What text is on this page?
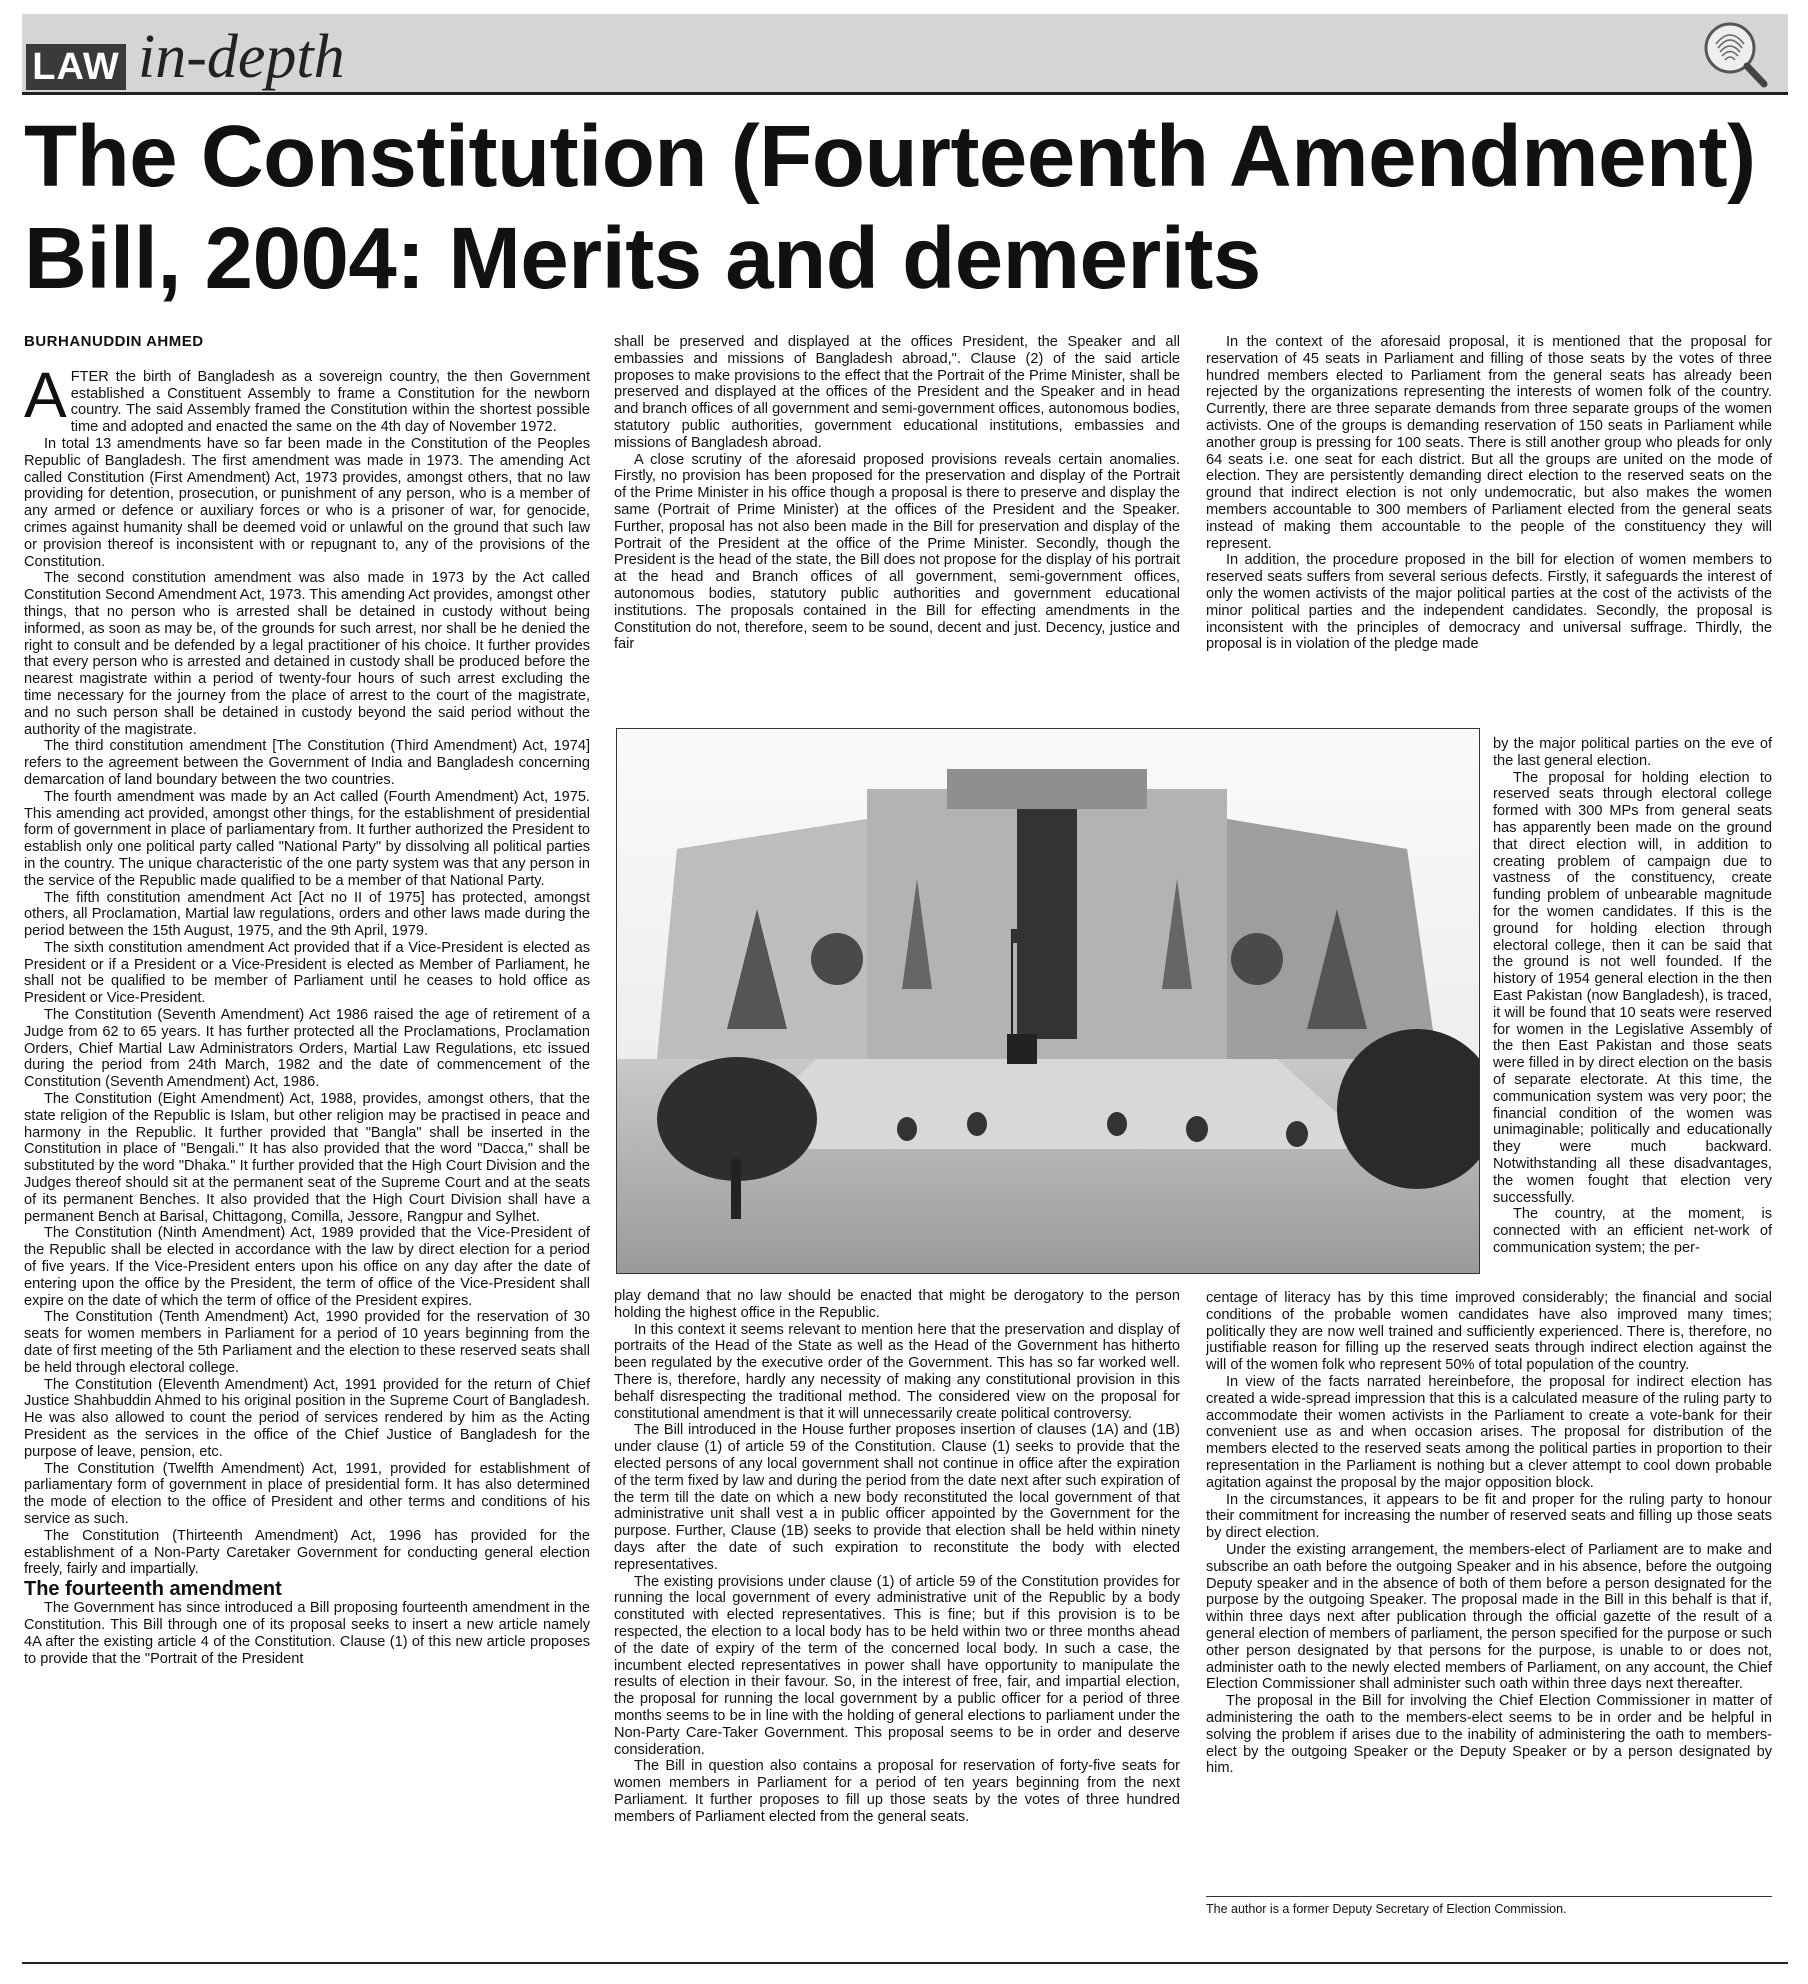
LAW in-depth
The Constitution (Fourteenth Amendment)
Bill, 2004: Merits and demerits
BURHANUDDIN AHMED

AFTER the birth of Bangladesh as a sovereign country, the then Government established a Constituent Assembly to frame a Constitution for the newborn country. The said Assembly framed the Constitution within the shortest possible time and adopted and enacted the same on the 4th day of November 1972.

In total 13 amendments have so far been made in the Constitution of the Peoples Republic of Bangladesh. The first amendment was made in 1973. The amending Act called Constitution (First Amendment) Act, 1973 provides, amongst others, that no law providing for detention, prosecution, or punishment of any person, who is a member of any armed or defence or auxiliary forces or who is a prisoner of war, for genocide, crimes against humanity shall be deemed void or unlawful on the ground that such law or provision thereof is inconsistent with or repugnant to, any of the provisions of the Constitution.

The second constitution amendment was also made in 1973 by the Act called Constitution Second Amendment Act, 1973. This amending Act provides, amongst other things, that no person who is arrested shall be detained in custody without being informed, as soon as may be, of the grounds for such arrest, nor shall be he denied the right to consult and be defended by a legal practitioner of his choice. It further provides that every person who is arrested and detained in custody shall be produced before the nearest magistrate within a period of twenty-four hours of such arrest excluding the time necessary for the journey from the place of arrest to the court of the magistrate, and no such person shall be detained in custody beyond the said period without the authority of the magistrate.

The third constitution amendment [The Constitution (Third Amendment) Act, 1974] refers to the agreement between the Government of India and Bangladesh concerning demarcation of land boundary between the two countries.

The fourth amendment was made by an Act called (Fourth Amendment) Act, 1975. This amending act provided, amongst other things, for the establishment of presidential form of government in place of parliamentary from. It further authorized the President to establish only one political party called "National Party" by dissolving all political parties in the country. The unique characteristic of the one party system was that any person in the service of the Republic made qualified to be a member of that National Party.

The fifth constitution amendment Act [Act no II of 1975] has protected, amongst others, all Proclamation, Martial law regulations, orders and other laws made during the period between the 15th August, 1975, and the 9th April, 1979.

The sixth constitution amendment Act provided that if a Vice-President is elected as President or if a President or a Vice-President is elected as Member of Parliament, he shall not be qualified to be member of Parliament until he ceases to hold office as President or Vice-President.

The Constitution (Seventh Amendment) Act 1986 raised the age of retirement of a Judge from 62 to 65 years. It has further protected all the Proclamations, Proclamation Orders, Chief Martial Law Administrators Orders, Martial Law Regulations, etc issued during the period from 24th March, 1982 and the date of commencement of the Constitution (Seventh Amendment) Act, 1986.

The Constitution (Eight Amendment) Act, 1988, provides, amongst others, that the state religion of the Republic is Islam, but other religion may be practised in peace and harmony in the Republic. It further provided that "Bangla" shall be inserted in the Constitution in place of "Bengali." It has also provided that the word "Dacca," shall be substituted by the word "Dhaka." It further provided that the High Court Division and the Judges thereof should sit at the permanent seat of the Supreme Court and at the seats of its permanent Benches. It also provided that the High Court Division shall have a permanent Bench at Barisal, Chittagong, Comilla, Jessore, Rangpur and Sylhet.

The Constitution (Ninth Amendment) Act, 1989 provided that the Vice-President of the Republic shall be elected in accordance with the law by direct election for a period of five years. If the Vice-President enters upon his office on any day after the date of entering upon the office by the President, the term of office of the Vice-President shall expire on the date of which the term of office of the President expires.

The Constitution (Tenth Amendment) Act, 1990 provided for the reservation of 30 seats for women members in Parliament for a period of 10 years beginning from the date of first meeting of the 5th Parliament and the election to these reserved seats shall be held through electoral college.

The Constitution (Eleventh Amendment) Act, 1991 provided for the return of Chief Justice Shahbuddin Ahmed to his original position in the Supreme Court of Bangladesh. He was also allowed to count the period of services rendered by him as the Acting President as the services in the office of the Chief Justice of Bangladesh for the purpose of leave, pension, etc.

The Constitution (Twelfth Amendment) Act, 1991, provided for establishment of parliamentary form of government in place of presidential form. It has also determined the mode of election to the office of President and other terms and conditions of his service as such.

The Constitution (Thirteenth Amendment) Act, 1996 has provided for the establishment of a Non-Party Caretaker Government for conducting general election freely, fairly and impartially.

The fourteenth amendment

The Government has since introduced a Bill proposing fourteenth amendment in the Constitution. This Bill through one of its proposal seeks to insert a new article namely 4A after the existing article 4 of the Constitution. Clause (1) of this new article proposes to provide that the "Portrait of the President

shall be preserved and displayed at the offices President, the Speaker and all embassies and missions of Bangladesh abroad,". Clause (2) of the said article proposes to make provisions to the effect that the Portrait of the Prime Minister, shall be preserved and displayed at the offices of the President and the Speaker and in head and branch offices of all government and semi-government offices, autonomous bodies, statutory public authorities, government educational institutions, embassies and missions of Bangladesh abroad.

A close scrutiny of the aforesaid proposed provisions reveals certain anomalies. Firstly, no provision has been proposed for the preservation and display of the Portrait of the Prime Minister in his office though a proposal is there to preserve and display the same (Portrait of Prime Minister) at the offices of the President and the Speaker. Further, proposal has not also been made in the Bill for preservation and display of the Portrait of the President at the office of the Prime Minister. Secondly, though the President is the head of the state, the Bill does not propose for the display of his portrait at the head and Branch offices of all government, semi-government offices, autonomous bodies, statutory public authorities and government educational institutions. The proposals contained in the Bill for effecting amendments in the Constitution do not, therefore, seem to be sound, decent and just. Decency, justice and fair

play demand that no law should be enacted that might be derogatory to the person holding the highest office in the Republic.

In this context it seems relevant to mention here that the preservation and display of portraits of the Head of the State as well as the Head of the Government has hitherto been regulated by the executive order of the Government. This has so far worked well. There is, therefore, hardly any necessity of making any constitutional provision in this behalf disrespecting the traditional method. The considered view on the proposal for constitutional amendment is that it will unnecessarily create political controversy.

The Bill introduced in the House further proposes insertion of clauses (1A) and (1B) under clause (1) of article 59 of the Constitution. Clause (1) seeks to provide that the elected persons of any local government shall not continue in office after the expiration of the term fixed by law and during the period from the date next after such expiration of the term till the date on which a new body reconstituted the local government of that administrative unit shall vest a in public officer appointed by the Government for the purpose. Further, Clause (1B) seeks to provide that election shall be held within ninety days after the date of such expiration to reconstitute the body with elected representatives.

The existing provisions under clause (1) of article 59 of the Constitution provides for running the local government of every administrative unit of the Republic by a body constituted with elected representatives. This is fine; but if this provision is to be respected, the election to a local body has to be held within two or three months ahead of the date of expiry of the term of the concerned local body. In such a case, the incumbent elected representatives in power shall have opportunity to manipulate the results of election in their favour. So, in the interest of free, fair, and impartial election, the proposal for running the local government by a public officer for a period of three months seems to be in line with the holding of general elections to parliament under the Non-Party Care-Taker Government. This proposal seems to be in order and deserve consideration.

The Bill in question also contains a proposal for reservation of forty-five seats for women members in Parliament for a period of ten years beginning from the next Parliament. It further proposes to fill up those seats by the votes of three hundred members of Parliament elected from the general seats.

In the context of the aforesaid proposal, it is mentioned that the proposal for reservation of 45 seats in Parliament and filling of those seats by the votes of three hundred members elected to Parliament from the general seats has already been rejected by the organizations representing the interests of women folk of the country. Currently, there are three separate demands from three separate groups of the women activists. One of the groups is demanding reservation of 150 seats in Parliament while another group is pressing for 100 seats. There is still another group who pleads for only 64 seats i.e. one seat for each district. But all the groups are united on the mode of election. They are persistently demanding direct election to the reserved seats on the ground that indirect election is not only undemocratic, but also makes the women members accountable to 300 members of Parliament elected from the general seats instead of making them accountable to the people of the constituency they will represent.

In addition, the procedure proposed in the bill for election of women members to reserved seats suffers from several serious defects. Firstly, it safeguards the interest of only the women activists of the major political parties at the cost of the activists of the minor political parties and the independent candidates. Secondly, the proposal is inconsistent with the principles of democracy and universal suffrage. Thirdly, the proposal is in violation of the pledge made

by the major political parties on the eve of the last general election.

The proposal for holding election to reserved seats through electoral college formed with 300 MPs from general seats has apparently been made on the ground that direct election will, in addition to creating problem of campaign due to vastness of the constituency, create funding problem of unbearable magnitude for the women candidates. If this is the ground for holding election through electoral college, then it can be said that the ground is not well founded. If the history of 1954 general election in the then East Pakistan (now Bangladesh), is traced, it will be found that 10 seats were reserved for women in the Legislative Assembly of the then East Pakistan and those seats were filled in by direct election on the basis of separate electorate. At this time, the communication system was very poor; the financial condition of the women was unimaginable; politically and educationally they were much backward. Notwithstanding all these disadvantages, the women fought that election very successfully.

The country, at the moment, is connected with an efficient net-work of communication system; the per-

centage of literacy has by this time improved considerably; the financial and social conditions of the probable women candidates have also improved many times; politically they are now well trained and sufficiently experienced. There is, therefore, no justifiable reason for filling up the reserved seats through indirect election against the will of the women folk who represent 50% of total population of the country.

In view of the facts narrated hereinbefore, the proposal for indirect election has created a wide-spread impression that this is a calculated measure of the ruling party to accommodate their women activists in the Parliament to create a vote-bank for their convenient use as and when occasion arises. The proposal for distribution of the members elected to the reserved seats among the political parties in proportion to their representation in the Parliament is nothing but a clever attempt to cool down probable agitation against the proposal by the major opposition block.

In the circumstances, it appears to be fit and proper for the ruling party to honour their commitment for increasing the number of reserved seats and filling up those seats by direct election.

Under the existing arrangement, the members-elect of Parliament are to make and subscribe an oath before the outgoing Speaker and in his absence, before the outgoing Deputy speaker and in the absence of both of them before a person designated for the purpose by the outgoing Speaker. The proposal made in the Bill in this behalf is that if, within three days next after publication through the official gazette of the result of a general election of members of parliament, the person specified for the purpose or such other person designated by that persons for the purpose, is unable to or does not, administer oath to the newly elected members of Parliament, on any account, the Chief Election Commissioner shall administer such oath within three days next thereafter.

The proposal in the Bill for involving the Chief Election Commissioner in matter of administering the oath to the members-elect seems to be in order and be helpful in solving the problem if arises due to the inability of administering the oath to members-elect by the outgoing Speaker or the Deputy Speaker or by a person designated by him.

The author is a former Deputy Secretary of Election Commission.
